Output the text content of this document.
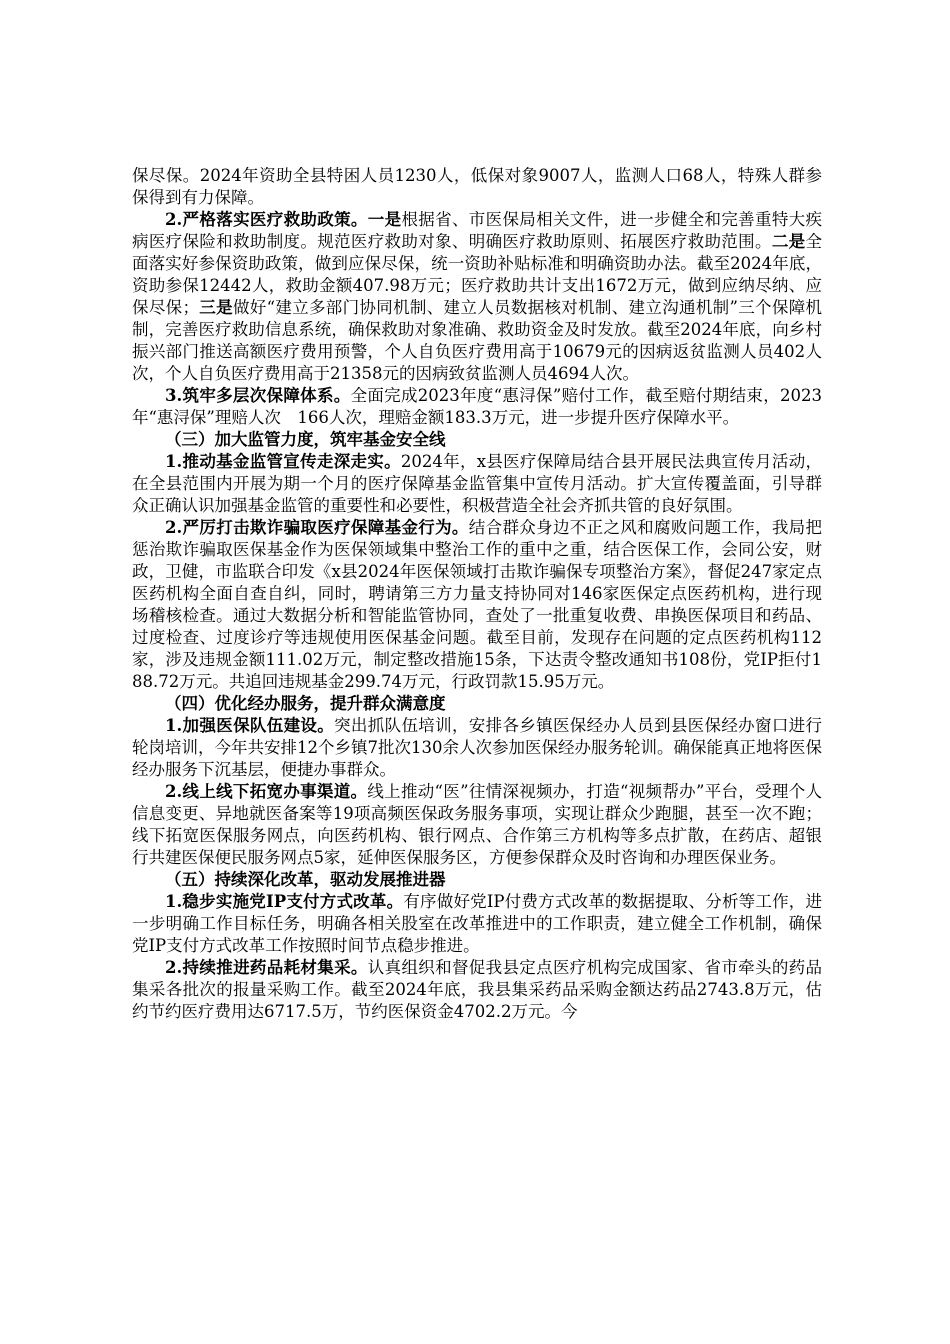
保尽保。2024年资助全县特困人员1230人，低保对象9007人，监测人口68人，特殊人群参保得到有力保障。

2.严格落实医疗救助政策。一是根据省、市医保局相关文件，进一步健全和完善重特大疾病医疗保险和救助制度。规范医疗救助对象、明确医疗救助原则、拓展医疗救助范围。二是全面落实好参保资助政策，做到应保尽保，统一资助补贴标准和明确资助办法。截至2024年底，资助参保12442人，救助金额407.98万元；医疗救助共计支出1672万元，做到应纳尽纳、应保尽保；三是做好“建立多部门协同机制、建立人员数据核对机制、建立沟通机制”三个保障机制，完善医疗救助信息系统，确保救助对象准确、救助资金及时发放。截至2024年底，向乡村振兴部门推送高额医疗费用预警，个人自负医疗费用高于10679元的因病返贫监测人员402人次，个人自负医疗费用高于21358元的因病致贫监测人员4694人次。

3.筑牢多层次保障体系。全面完成2023年度“惠浔保”赔付工作，截至赔付期结束，2023年“惠浔保”理赔人次　166人次，理赔金额183.3万元，进一步提升医疗保障水平。

（三）加大监管力度，筑牢基金安全线

1.推动基金监管宣传走深走实。2024年，x县医疗保障局结合县开展民法典宣传月活动，在全县范围内开展为期一个月的医疗保障基金监管集中宣传月活动。扩大宣传覆盖面，引导群众正确认识加强基金监管的重要性和必要性，积极营造全社会齐抓共管的良好氛围。

2.严厉打击欺诈骗取医疗保障基金行为。结合群众身边不正之风和腐败问题工作，我局把惩治欺诈骗取医保基金作为医保领域集中整治工作的重中之重，结合医保工作，会同公安，财政，卫健，市监联合印发《x县2024年医保领域打击欺诈骗保专项整治方案》，督促247家定点医药机构全面自查自纠，同时，聘请第三方力量支持协同对146家医保定点医药机构，进行现场稽核检查。通过大数据分析和智能监管协同，查处了一批重复收费、串换医保项目和药品、过度检查、过度诊疗等违规使用医保基金问题。截至目前，发现存在问题的定点医药机构112家，涉及违规金额111.02万元，制定整改措施15条，下达责令整改通知书108份，党IP拒付188.72万元。共追回违规基金299.74万元，行政罚款15.95万元。

（四）优化经办服务，提升群众满意度

1.加强医保队伍建设。突出抓队伍培训，安排各乡镇医保经办人员到县医保经办窗口进行轮岗培训，今年共安排12个乡镇7批次130余人次参加医保经办服务轮训。确保能真正地将医保经办服务下沉基层，便捷办事群众。

2.线上线下拓宽办事渠道。线上推动“医”往情深视频办，打造“视频帮办”平台，受理个人信息变更、异地就医备案等19项高频医保政务服务事项，实现让群众少跑腿，甚至一次不跑；线下拓宽医保服务网点，向医药机构、银行网点、合作第三方机构等多点扩散，在药店、超银行共建医保便民服务网点5家，延伸医保服务区，方便参保群众及时咨询和办理医保业务。

（五）持续深化改革，驱动发展推进器

1.稳步实施党IP支付方式改革。有序做好党IP付费方式改革的数据提取、分析等工作，进一步明确工作目标任务，明确各相关股室在改革推进中的工作职责，建立健全工作机制，确保党IP支付方式改革工作按照时间节点稳步推进。

2.持续推进药品耗材集采。认真组织和督促我县定点医疗机构完成国家、省市牵头的药品集采各批次的报量采购工作。截至2024年底，我县集采药品采购金额达药品2743.8万元，估约节约医疗费用达6717.5万，节约医保资金4702.2万元。今
